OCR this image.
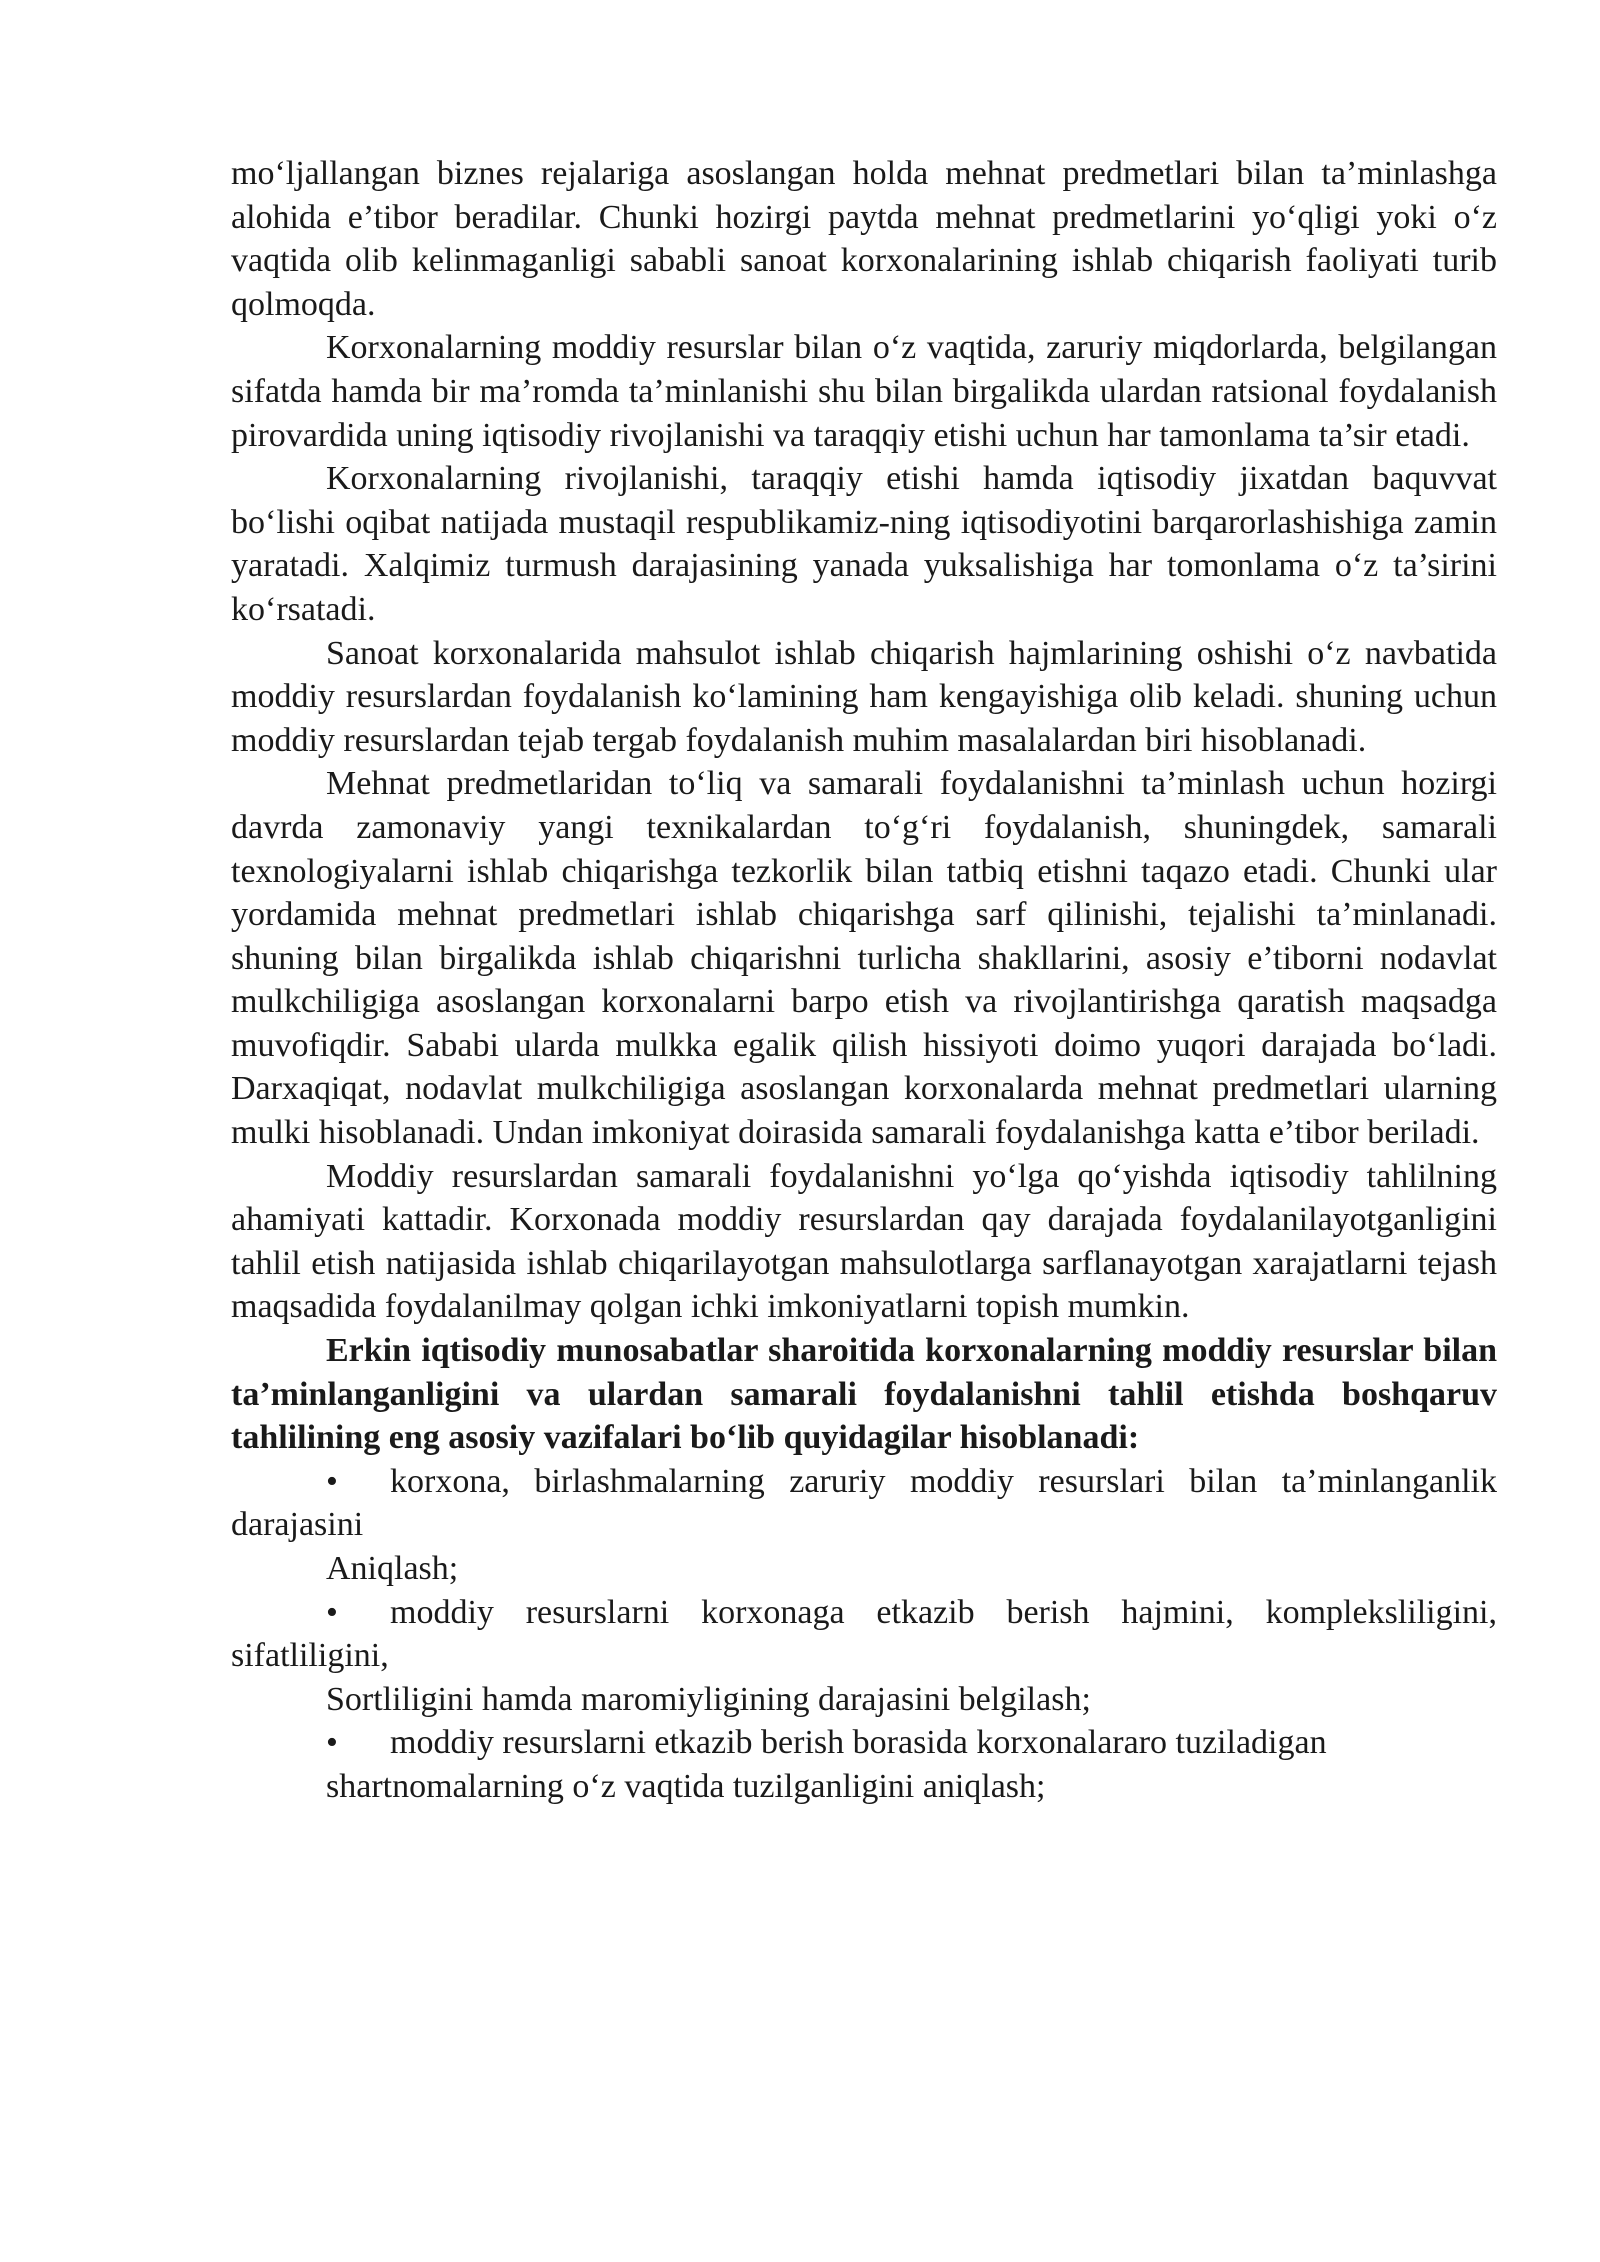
mo‘ljallangan biznes rejalariga asoslangan holda mehnat predmetlari bilan ta’minlashga alohida e’tibor beradilar. Chunki hozirgi paytda mehnat predmetlarini yo‘qligi yoki o‘z vaqtida olib kelinmaganligi sababli sanoat korxonalarining ishlab chiqarish faoliyati turib qolmoqda.

Korxonalarning moddiy resurslar bilan o‘z vaqtida, zaruriy miqdorlarda, belgilangan sifatda hamda bir ma’romda ta’minlanishi shu bilan birgalikda ulardan ratsional foydalanish pirovardida uning iqtisodiy rivojlanishi va taraqqiy etishi uchun har tamonlama ta’sir etadi.

Korxonalarning rivojlanishi, taraqqiy etishi hamda iqtisodiy jixatdan baquvvat bo‘lishi oqibat natijada mustaqil respublikamiz-ning iqtisodiyotini barqarorlashishiga zamin yaratadi. Xalqimiz turmush darajasining yanada yuksalishiga har tomonlama o‘z ta’sirini ko‘rsatadi.

Sanoat korxonalarida mahsulot ishlab chiqarish hajmlarining oshishi o‘z navbatida moddiy resurslardan foydalanish ko‘lamining ham kengayishiga olib keladi. shuning uchun moddiy resurslardan tejab tergab foydalanish muhim masalalardan biri hisoblanadi.

Mehnat predmetlaridan to‘liq va samarali foydalanishni ta’minlash uchun hozirgi davrda zamonaviy yangi texnikalardan to‘g‘ri foydalanish, shuningdek, samarali texnologiyalarni ishlab chiqarishga tezkorlik bilan tatbiq etishni taqazo etadi. Chunki ular yordamida mehnat predmetlari ishlab chiqarishga sarf qilinishi, tejalishi ta’minlanadi. shuning bilan birgalikda ishlab chiqarishni turlicha shakllarini, asosiy e’tiborni nodavlat mulkchiligiga asoslangan korxonalarni barpo etish va rivojlantirishga qaratish maqsadga muvofiqdir. Sababi ularda mulkka egalik qilish hissiyoti doimo yuqori darajada bo‘ladi. Darxaqiqat, nodavlat mulkchiligiga asoslangan korxonalarda mehnat predmetlari ularning mulki hisoblanadi. Undan imkoniyat doirasida samarali foydalanishga katta e’tibor beriladi.

Moddiy resurslardan samarali foydalanishni yo‘lga qo‘yishda iqtisodiy tahlilning ahamiyati kattadir. Korxonada moddiy resurslardan qay darajada foydalanilayotganligini tahlil etish natijasida ishlab chiqarilayotgan mahsulotlarga sarflanayotgan xarajatlarni tejash maqsadida foydalanilmay qolgan ichki imkoniyatlarni topish mumkin.

Erkin iqtisodiy munosabatlar sharoitida korxonalarning moddiy resurslar bilan ta’minlanganligini va ulardan samarali foydalanishni tahlil etishda boshqaruv tahlilining eng asosiy vazifalari bo‘lib quyidagilar hisoblanadi:

• korxona, birlashmalarning zaruriy moddiy resurslari bilan ta’minlanganlik darajasini

Aniqlash;

• moddiy resurslarni korxonaga etkazib berish hajmini, kompleksliligini, sifatliligini,

Sortliligini hamda maromiyligining darajasini belgilash;

• moddiy resurslarni etkazib berish borasida korxonalararo tuziladigan

shartnomalarning o‘z vaqtida tuzilganligini aniqlash;
